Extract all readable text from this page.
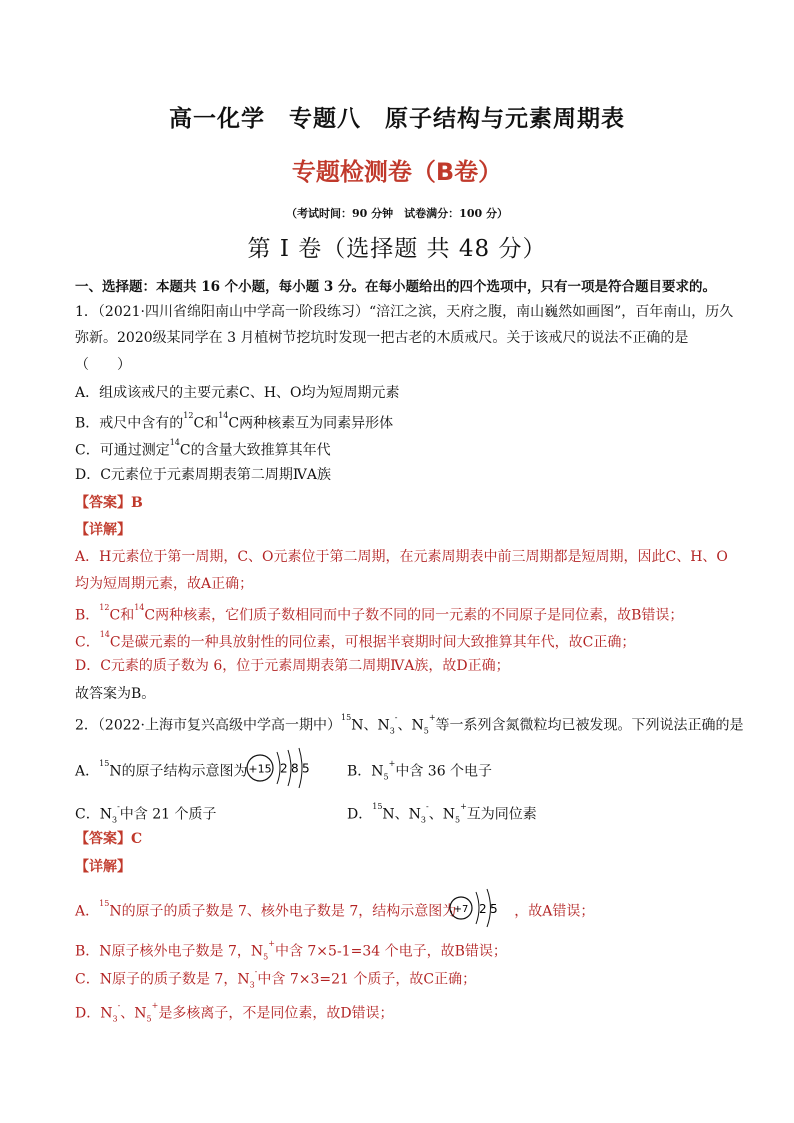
高一化学　专题八　原子结构与元素周期表
专题检测卷（B卷）
（考试时间：90 分钟　试卷满分：100 分）
第 I 卷（选择题 共 48 分）
一、选择题：本题共 16 个小题，每小题 3 分。在每小题给出的四个选项中，只有一项是符合题目要求的。
1．（2021·四川省绵阳南山中学高一阶段练习）“涪江之滨，天府之腹，南山巍然如画图”，百年南山，历久
弥新。2020级某同学在 3 月植树节挖坑时发现一把古老的木质戒尺。关于该戒尺的说法不正确的是
（　　）
A．组成该戒尺的主要元素C、H、O均为短周期元素
B．戒尺中含有的$^{12}$C和$^{14}$C两种核素互为同素异形体
C．可通过测定$^{14}$C的含量大致推算其年代
D．C元素位于元素周期表第二周期ⅣA族
【答案】B
【详解】
A．H元素位于第一周期，C、O元素位于第二周期，在元素周期表中前三周期都是短周期，因此C、H、O
均为短周期元素，故A正确；
B．$^{12}$C和$^{14}$C两种核素，它们质子数相同而中子数不同的同一元素的不同原子是同位素，故B错误；
C．$^{14}$C是碳元素的一种具放射性的同位素，可根据半衰期时间大致推算其年代，故C正确；
D．C元素的质子数为 6，位于元素周期表第二周期ⅣA族，故D正确；
故答案为B。
2．（2022·上海市复兴高级中学高一期中）$^{15}$N、$N_3^-$、$N_5^+$等一系列含氮微粒均已被发现。下列说法正确的是
A．$^{15}$N的原子结构示意图为 +15 2 8 5	B．$N_5^+$中含 36 个电子
C．$N_3^-$中含 21 个质子	D．$^{15}$N、$N_3^-$、$N_5^+$互为同位素
【答案】C
【详解】
A．$^{15}$N的原子的质子数是 7、核外电子数是 7，结构示意图为	，故A错误；
+7 2 5
B．N原子核外电子数是 7，$N_5^+$中含 7×5-1=34 个电子，故B错误；
C．N原子的质子数是 7，$N_3^-$中含 7×3=21 个质子，故C正确；
D．$N_3^-$、$N_5^+$是多核离子，不是同位素，故D错误；
